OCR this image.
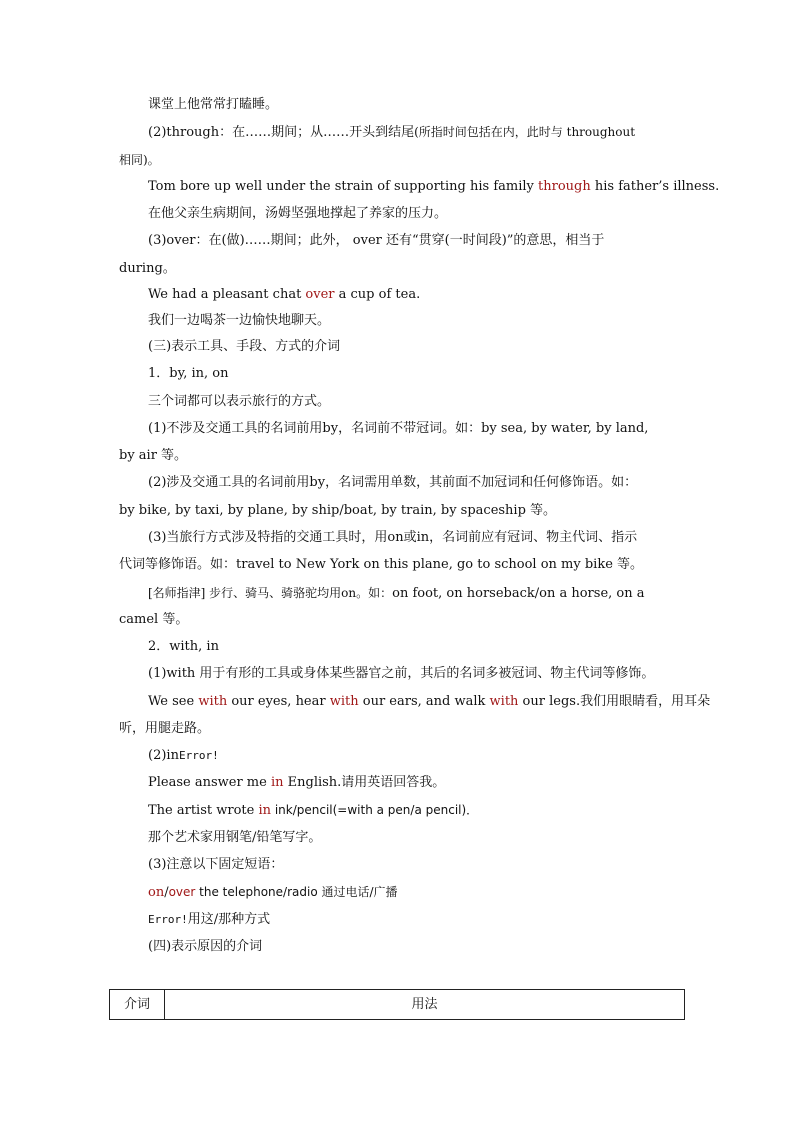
课堂上他常常打瞌睡。
(2)through：在……期间；从……开头到结尾(所指时间包括在内，此时与 throughout
相同)。
Tom bore up well under the strain of supporting his family through his father’s illness.
在他父亲生病期间，汤姆坚强地撑起了养家的压力。
(3)over：在(做)……期间；此外， over 还有“贯穿(一时间段)”的意思，相当于
during。
We had a pleasant chat over a cup of tea.
我们一边喝茶一边愉快地聊天。
(三)表示工具、手段、方式的介词
1．by, in, on
三个词都可以表示旅行的方式。
(1)不涉及交通工具的名词前用by，名词前不带冠词。如：by sea, by water, by land,
by air 等。
(2)涉及交通工具的名词前用by，名词需用单数，其前面不加冠词和任何修饰语。如：
by bike, by taxi, by plane, by ship/boat, by train, by spaceship 等。
(3)当旅行方式涉及特指的交通工具时，用on或in，名词前应有冠词、物主代词、指示
代词等修饰语。如：travel to New York on this plane, go to school on my bike 等。
[名师指津] 步行、骑马、骑骆驼均用on。如：on foot, on horseback/on a horse, on a
camel 等。
2．with, in
(1)with 用于有形的工具或身体某些器官之前，其后的名词多被冠词、物主代词等修饰。
We see with our eyes, hear with our ears, and walk with our legs.我们用眼睛看，用耳朵
听，用腿走路。
(2)inError!
Please answer me in English.请用英语回答我。
The artist wrote in ink/pencil(=with a pen/a pencil)．
那个艺术家用钢笔/铅笔写字。
(3)注意以下固定短语：
on/over the telephone/radio 通过电话/广播
Error!用这/那种方式
(四)表示原因的介词
介词	用法
